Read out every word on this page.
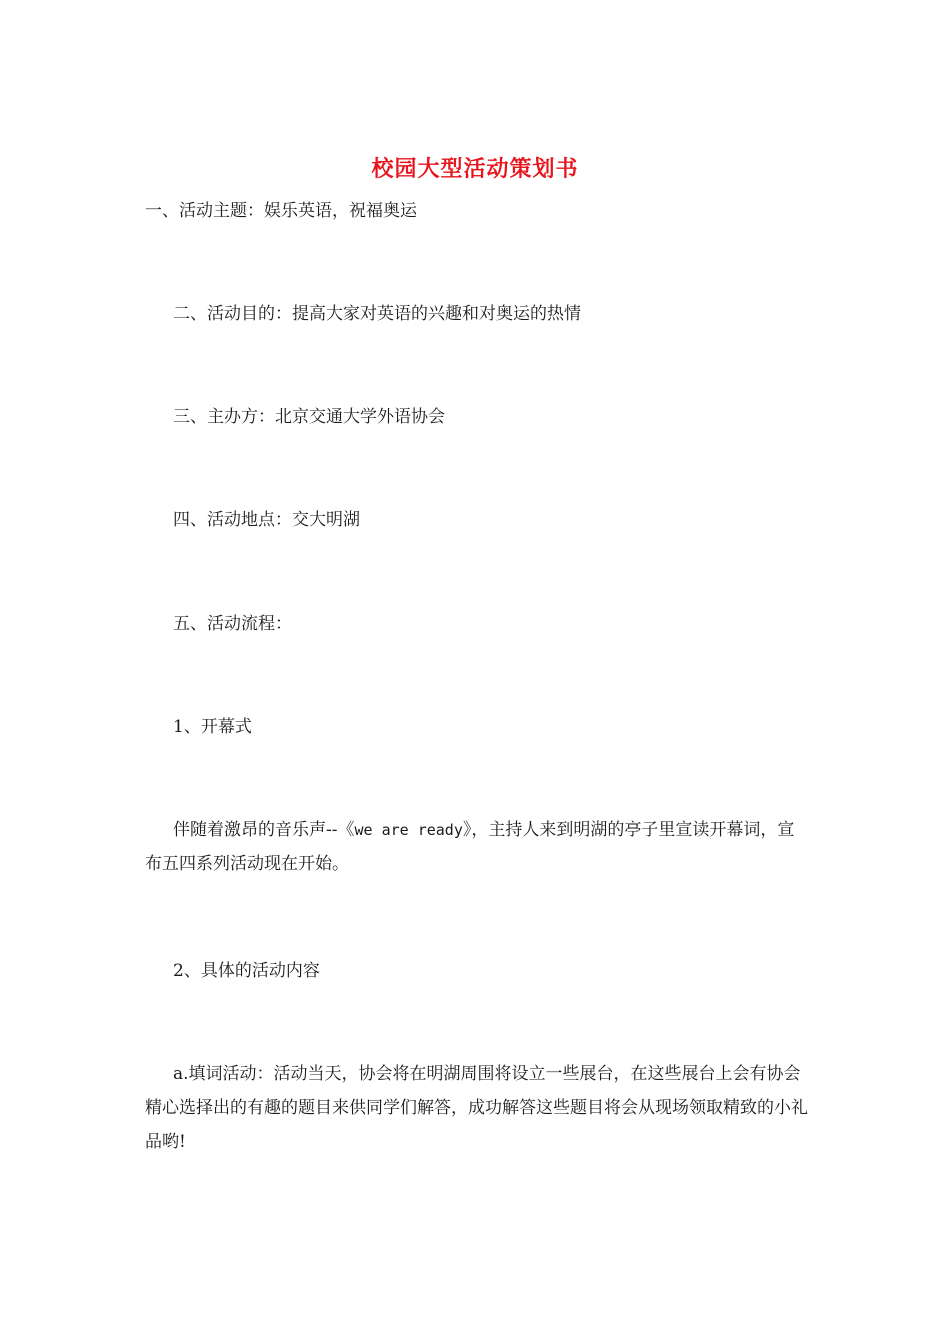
校园大型活动策划书
一、活动主题：娱乐英语，祝福奥运
二、活动目的：提高大家对英语的兴趣和对奥运的热情
三、主办方：北京交通大学外语协会
四、活动地点：交大明湖
五、活动流程：
1、开幕式
伴随着激昂的音乐声--《we are ready》，主持人来到明湖的亭子里宣读开幕词，宣布五四系列活动现在开始。
2、具体的活动内容
a.填词活动：活动当天，协会将在明湖周围将设立一些展台，在这些展台上会有协会精心选择出的有趣的题目来供同学们解答，成功解答这些题目将会从现场领取精致的小礼品哟!
